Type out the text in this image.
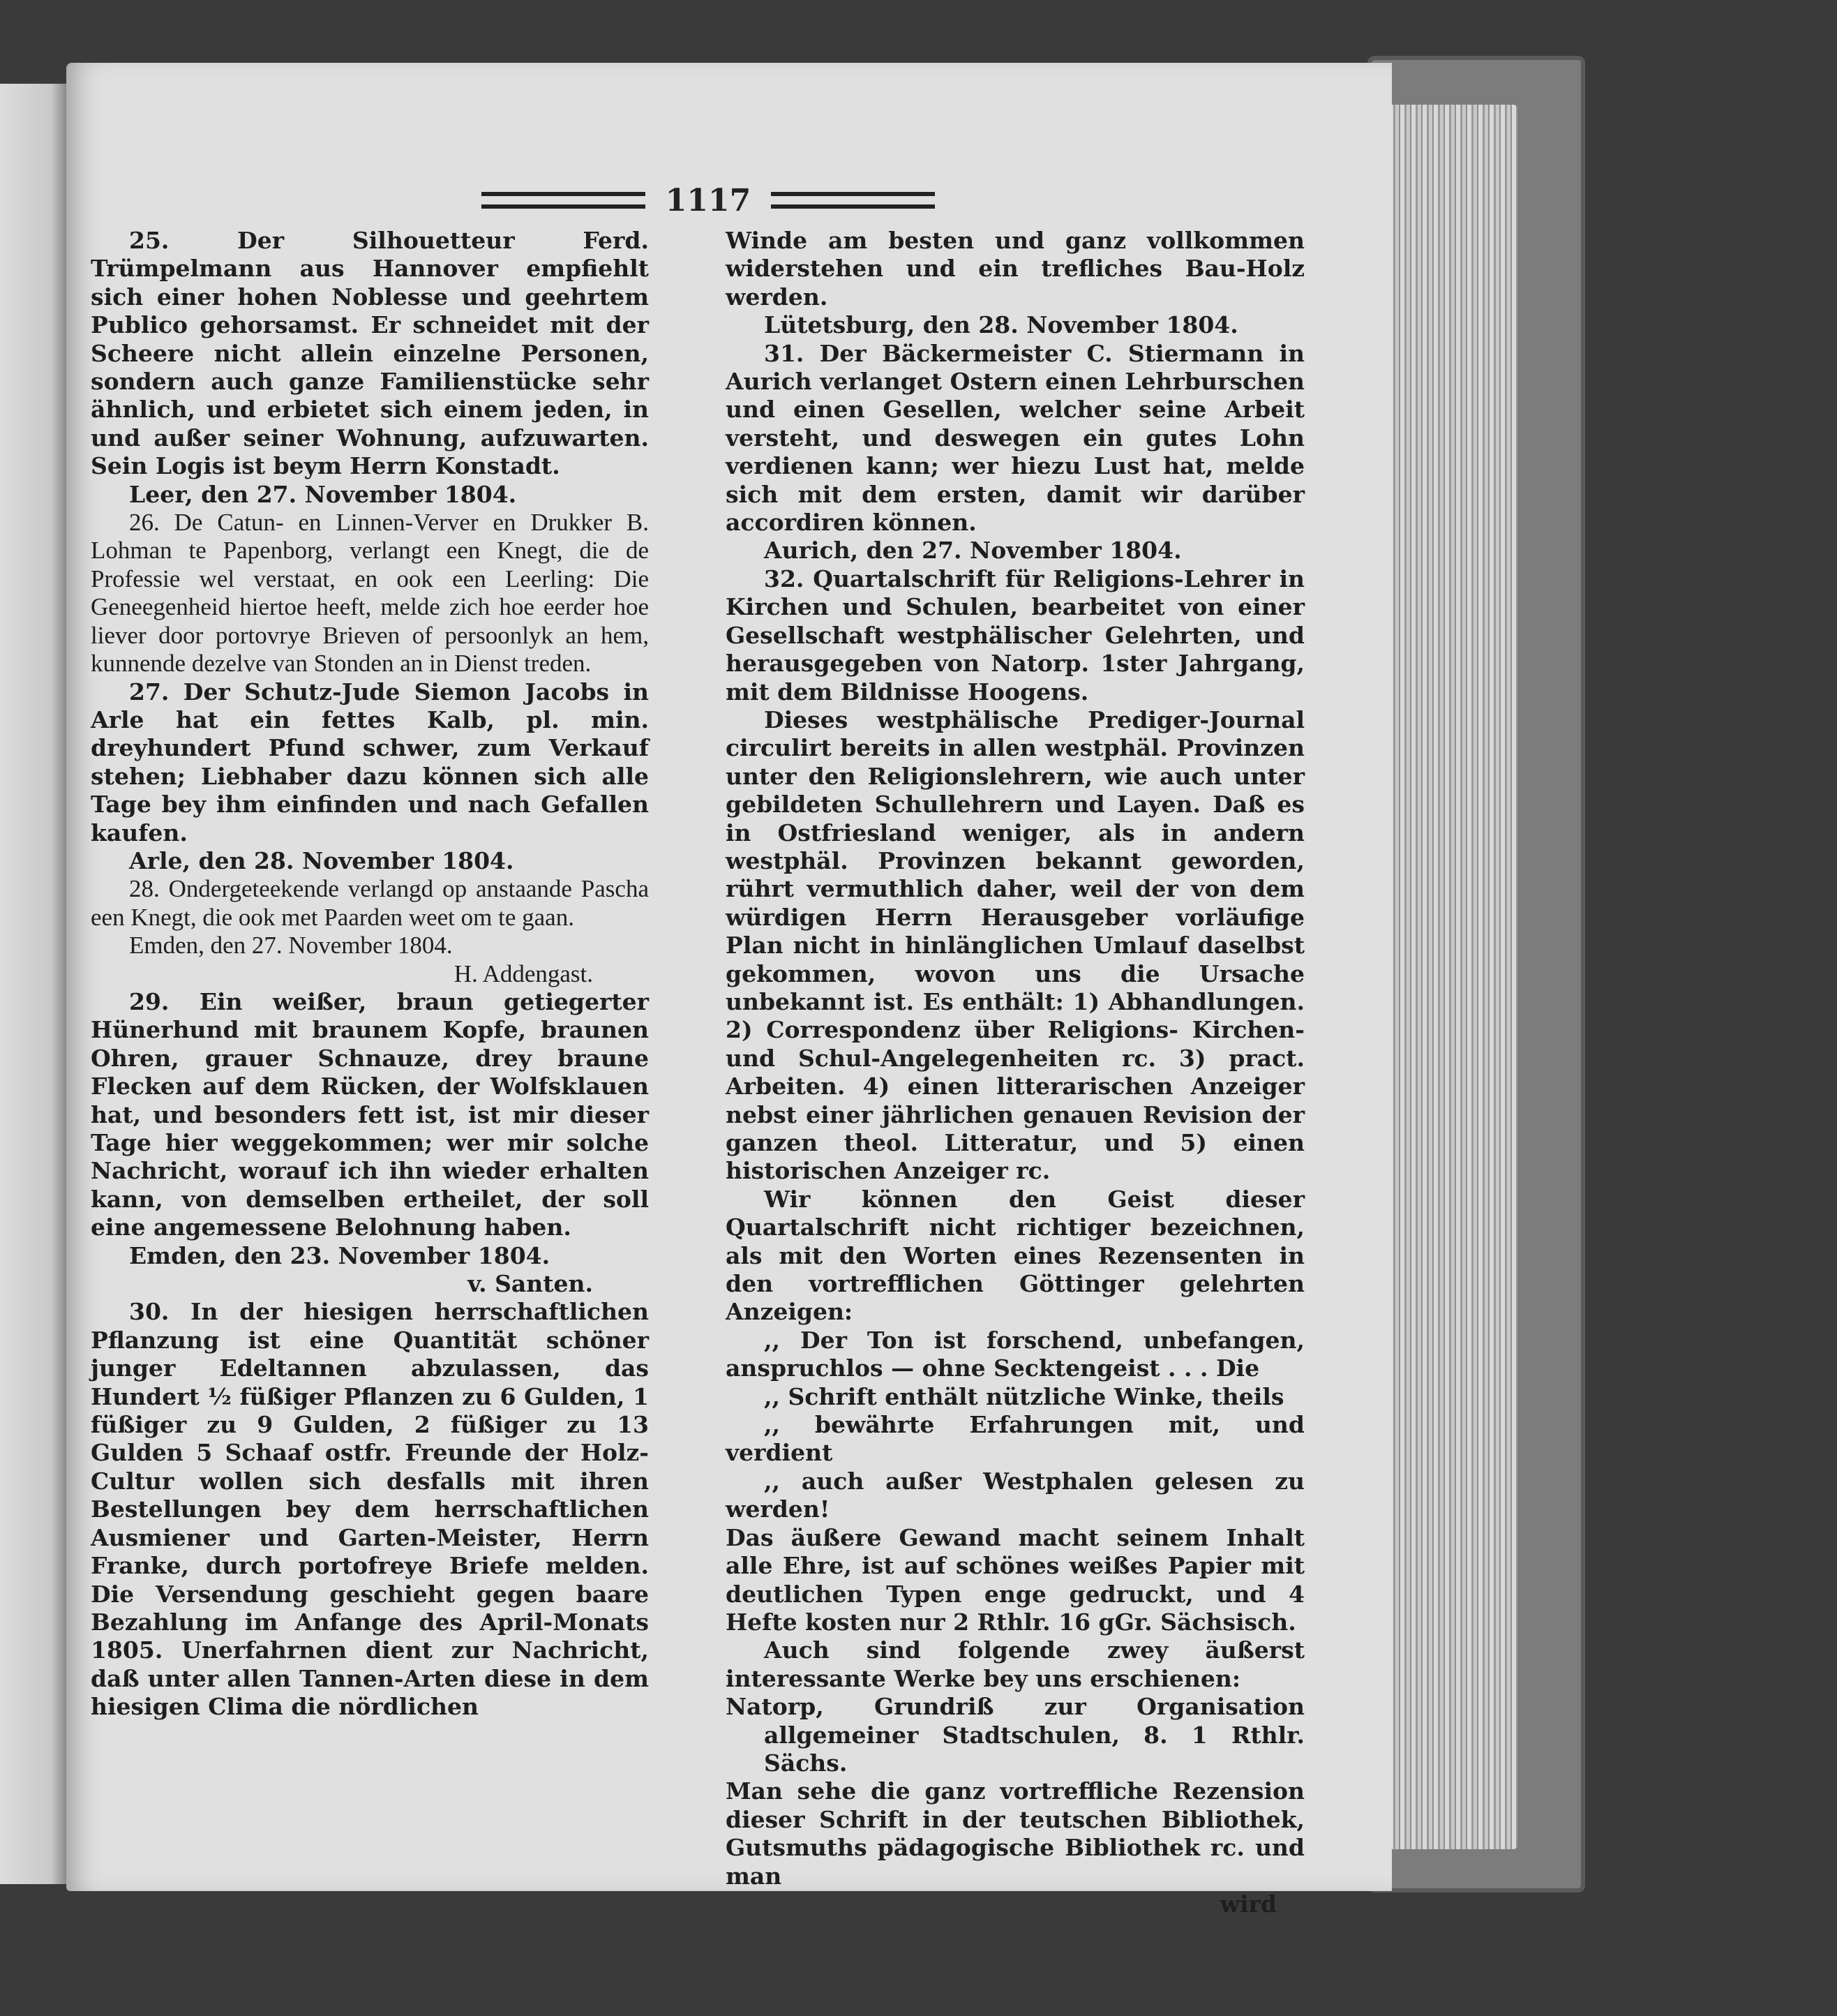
1117

25. Der Silhouetteur Ferd. Trümpelmann aus Hannover empfiehlt sich einer hohen Noblesse und geehrtem Publico gehorsamst. Er schneidet mit der Scheere nicht allein einzelne Personen, sondern auch ganze Familienstücke sehr ähnlich, und erbietet sich einem jeden, in und außer seiner Wohnung, aufzuwarten. Sein Logis ist beym Herrn Konstadt.

Leer, den 27. November 1804.

26. De Catun- en Linnen-Verver en Drukker B. Lohman te Papenborg, verlangt een Knegt, die de Professie wel verstaat, en ook een Leerling: Die Geneegenheid hiertoe heeft, melde zich hoe eerder hoe liever door portovrye Brieven of persoonlyk an hem, kunnende dezelve van Stonden an in Dienst treden.

27. Der Schutz-Jude Siemon Jacobs in Arle hat ein fettes Kalb, pl. min. dreyhundert Pfund schwer, zum Verkauf stehen; Liebhaber dazu können sich alle Tage bey ihm einfinden und nach Gefallen kaufen.

Arle, den 28. November 1804.

28. Ondergeteekende verlangd op anstaande Pascha een Knegt, die ook met Paarden weet om te gaan.

Emden, den 27. November 1804.

H. Addengast.

29. Ein weißer, braun getiegerter Hünerhund mit braunem Kopfe, braunen Ohren, grauer Schnauze, drey braune Flecken auf dem Rücken, der Wolfsklauen hat, und besonders fett ist, ist mir dieser Tage hier weggekommen; wer mir solche Nachricht, worauf ich ihn wieder erhalten kann, von demselben ertheilet, der soll eine angemessene Belohnung haben.

Emden, den 23. November 1804.

v. Santen.

30. In der hiesigen herrschaftlichen Pflanzung ist eine Quantität schöner junger Edeltannen abzulassen, das Hundert ½ füßiger Pflanzen zu 6 Gulden, 1 füßiger zu 9 Gulden, 2 füßiger zu 13 Gulden 5 Schaaf ostfr. Freunde der Holz-Cultur wollen sich desfalls mit ihren Bestellungen bey dem herrschaftlichen Ausmiener und Garten-Meister, Herrn Franke, durch portofreye Briefe melden. Die Versendung geschieht gegen baare Bezahlung im Anfange des April-Monats 1805. Unerfahrnen dient zur Nachricht, daß unter allen Tannen-Arten diese in dem hiesigen Clima die nördlichen

Winde am besten und ganz vollkommen widerstehen und ein trefliches Bau-Holz werden.

Lütetsburg, den 28. November 1804.

31. Der Bäckermeister C. Stiermann in Aurich verlanget Ostern einen Lehrburschen und einen Gesellen, welcher seine Arbeit versteht, und deswegen ein gutes Lohn verdienen kann; wer hiezu Lust hat, melde sich mit dem ersten, damit wir darüber accordiren können.

Aurich, den 27. November 1804.

32. Quartalschrift für Religions-Lehrer in Kirchen und Schulen, bearbeitet von einer Gesellschaft westphälischer Gelehrten, und herausgegeben von Natorp. 1ster Jahrgang, mit dem Bildnisse Hoogens.

Dieses westphälische Prediger-Journal circulirt bereits in allen westphäl. Provinzen unter den Religionslehrern, wie auch unter gebildeten Schullehrern und Layen. Daß es in Ostfriesland weniger, als in andern westphäl. Provinzen bekannt geworden, rührt vermuthlich daher, weil der von dem würdigen Herrn Herausgeber vorläufige Plan nicht in hinlänglichen Umlauf daselbst gekommen, wovon uns die Ursache unbekannt ist. Es enthält: 1) Abhandlungen. 2) Correspondenz über Religions- Kirchen- und Schul-Angelegenheiten rc. 3) pract. Arbeiten. 4) einen litterarischen Anzeiger nebst einer jährlichen genauen Revision der ganzen theol. Litteratur, und 5) einen historischen Anzeiger rc.

Wir können den Geist dieser Quartalschrift nicht richtiger bezeichnen, als mit den Worten eines Rezensenten in den vortrefflichen Göttinger gelehrten Anzeigen:

,, Der Ton ist forschend, unbefangen, anspruchlos — ohne Secktengeist . . . Die

,, Schrift enthält nützliche Winke, theils

,, bewährte Erfahrungen mit, und verdient

,, auch außer Westphalen gelesen zu werden!

Das äußere Gewand macht seinem Inhalt alle Ehre, ist auf schönes weißes Papier mit deutlichen Typen enge gedruckt, und 4 Hefte kosten nur 2 Rthlr. 16 gGr. Sächsisch.

Auch sind folgende zwey äußerst interessante Werke bey uns erschienen:

Natorp, Grundriß zur Organisation allgemeiner Stadtschulen, 8. 1 Rthlr. Sächs.

Man sehe die ganz vortreffliche Rezension dieser Schrift in der teutschen Bibliothek, Gutsmuths pädagogische Bibliothek rc. und man

wird
